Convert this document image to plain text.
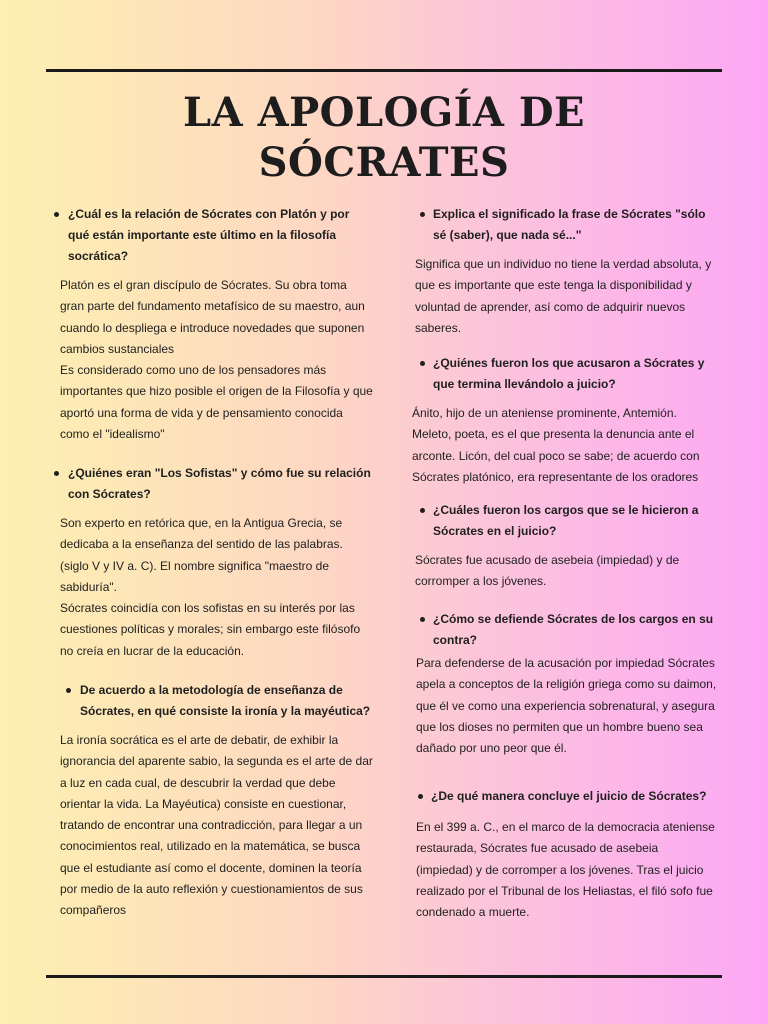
LA APOLOGÍA DE
SÓCRATES
¿Cuál es la relación de Sócrates con Platón y por qué están importante este último en la filosofía socrática?
Platón es el gran discípulo de Sócrates. Su obra toma gran parte del fundamento metafísico de su maestro, aun cuando lo despliega e introduce novedades que suponen cambios sustanciales
Es considerado como uno de los pensadores más importantes que hizo posible el origen de la Filosofía y que aportó una forma de vida y de pensamiento conocida como el "idealismo"
¿Quiénes eran "Los Sofistas" y cómo fue su relación con Sócrates?
Son experto en retórica que, en la Antigua Grecia, se dedicaba a la enseñanza del sentido de las palabras. (siglo V y IV a. C). El nombre significa "maestro de sabiduría".
Sócrates coincidía con los sofistas en su interés por las cuestiones políticas y morales; sin embargo este filósofo no creía en lucrar de la educación.
De acuerdo a la metodología de enseñanza de Sócrates, en qué consiste la ironía y la mayéutica?
La ironía socrática es el arte de debatir, de exhibir la ignorancia del aparente sabio, la segunda es el arte de dar a luz en cada cual, de descubrir la verdad que debe orientar la vida. La Mayéutica) consiste en cuestionar, tratando de encontrar una contradicción, para llegar a un conocimientos real, utilizado en la matemática, se busca que el estudiante así como el docente, dominen la teoría por medio de la auto reflexión y cuestionamientos de sus compañeros
Explica el significado la frase de Sócrates "sólo sé (saber), que nada sé..."
Significa que un individuo no tiene la verdad absoluta, y que es importante que este tenga la disponibilidad y voluntad de aprender, así como de adquirir nuevos saberes.
¿Quiénes fueron los que acusaron a Sócrates y que termina llevándolo a juicio?
Ánito, hijo de un ateniense prominente, Antemión. Meleto, poeta, es el que presenta la denuncia ante el arconte. Licón, del cual poco se sabe; de acuerdo con Sócrates platónico, era representante de los oradores
¿Cuáles fueron los cargos que se le hicieron a Sócrates en el juicio?
Sócrates fue acusado de asebeia (impiedad) y de corromper a los jóvenes.
¿Cómo se defiende Sócrates de los cargos en su contra?
Para defenderse de la acusación por impiedad Sócrates apela a conceptos de la religión griega como su daimon, que él ve como una experiencia sobrenatural, y asegura que los dioses no permiten que un hombre bueno sea dañado por uno peor que él.
¿De qué manera concluye el juicio de Sócrates?
En el 399 a. C., en el marco de la democracia ateniense restaurada, Sócrates fue acusado de asebeia (impiedad) y de corromper a los jóvenes. Tras el juicio realizado por el Tribunal de los Heliastas, el filó sofo fue condenado a muerte.
